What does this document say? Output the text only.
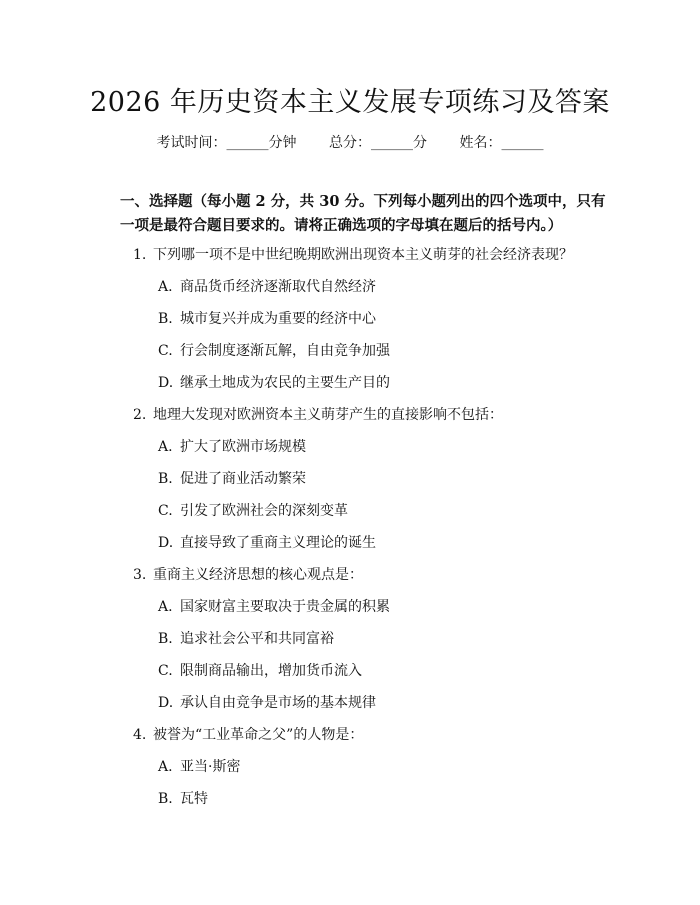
2026 年历史资本主义发展专项练习及答案
考试时间：______分钟 总分：______分 姓名：______
一、选择题（每小题 2 分，共 30 分。下列每小题列出的四个选项中，只有一项是最符合题目要求的。请将正确选项的字母填在题后的括号内。）
1. 下列哪一项不是中世纪晚期欧洲出现资本主义萌芽的社会经济表现？
A. 商品货币经济逐渐取代自然经济
B. 城市复兴并成为重要的经济中心
C. 行会制度逐渐瓦解，自由竞争加强
D. 继承土地成为农民的主要生产目的
2. 地理大发现对欧洲资本主义萌芽产生的直接影响不包括：
A. 扩大了欧洲市场规模
B. 促进了商业活动繁荣
C. 引发了欧洲社会的深刻变革
D. 直接导致了重商主义理论的诞生
3. 重商主义经济思想的核心观点是：
A. 国家财富主要取决于贵金属的积累
B. 追求社会公平和共同富裕
C. 限制商品输出，增加货币流入
D. 承认自由竞争是市场的基本规律
4. 被誉为“工业革命之父”的人物是：
A. 亚当·斯密
B. 瓦特
